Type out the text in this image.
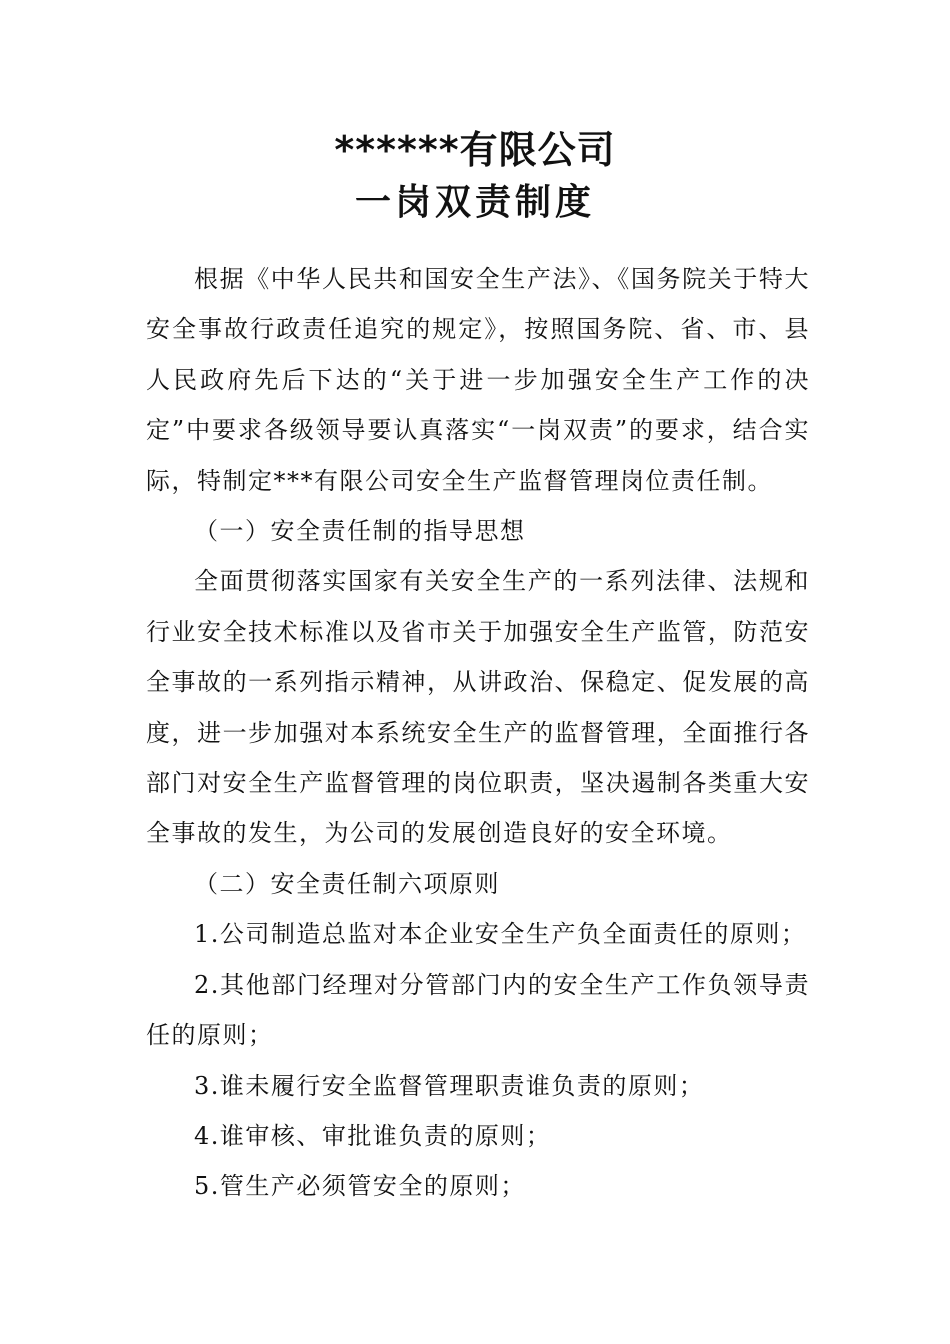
******有限公司
一岗双责制度

根据《中华人民共和国安全生产法》、《国务院关于特大安全事故行政责任追究的规定》，按照国务院、省、市、县人民政府先后下达的“关于进一步加强安全生产工作的决定”中要求各级领导要认真落实“一岗双责”的要求，结合实际，特制定***有限公司安全生产监督管理岗位责任制。

（一）安全责任制的指导思想

全面贯彻落实国家有关安全生产的一系列法律、法规和行业安全技术标准以及省市关于加强安全生产监管，防范安全事故的一系列指示精神，从讲政治、保稳定、促发展的高度，进一步加强对本系统安全生产的监督管理，全面推行各部门对安全生产监督管理的岗位职责，坚决遏制各类重大安全事故的发生，为公司的发展创造良好的安全环境。

（二）安全责任制六项原则

1.公司制造总监对本企业安全生产负全面责任的原则；

2.其他部门经理对分管部门内的安全生产工作负领导责任的原则；

3.谁未履行安全监督管理职责谁负责的原则；

4.谁审核、审批谁负责的原则；

5.管生产必须管安全的原则；
